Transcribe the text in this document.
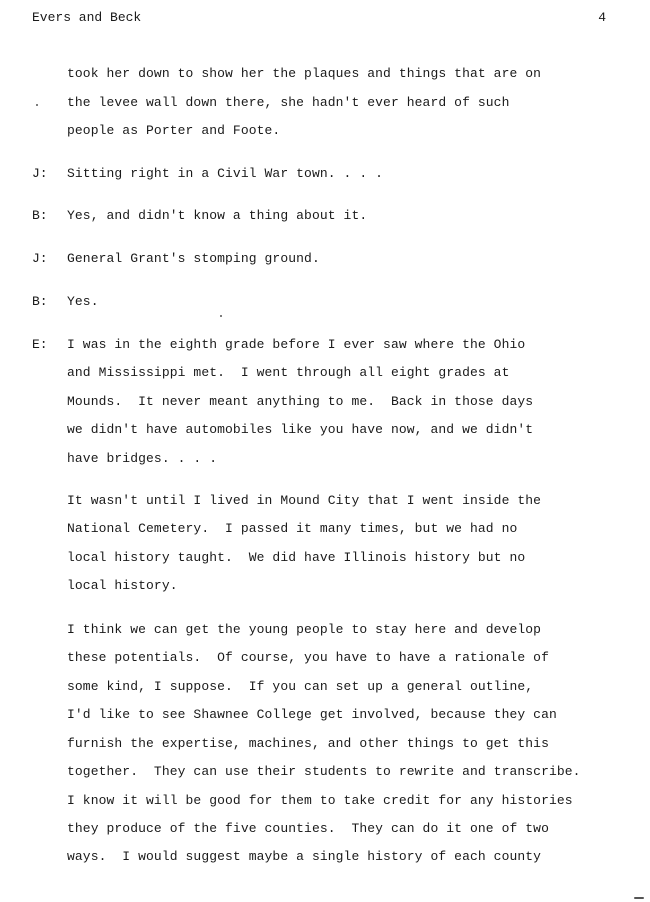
Evers and Beck	4
took her down to show her the plaques and things that are on
the levee wall down there, she hadn't ever heard of such
people as Porter and Foote.
J: Sitting right in a Civil War town. . . .
B: Yes, and didn't know a thing about it.
J: General Grant's stomping ground.
B: Yes.
E: I was in the eighth grade before I ever saw where the Ohio
and Mississippi met.  I went through all eight grades at
Mounds.  It never meant anything to me.  Back in those days
we didn't have automobiles like you have now, and we didn't
have bridges. . . .
It wasn't until I lived in Mound City that I went inside the
National Cemetery.  I passed it many times, but we had no
local history taught.  We did have Illinois history but no
local history.
I think we can get the young people to stay here and develop
these potentials.  Of course, you have to have a rationale of
some kind, I suppose.  If you can set up a general outline,
I'd like to see Shawnee College get involved, because they can
furnish the expertise, machines, and other things to get this
together.  They can use their students to rewrite and transcribe.
I know it will be good for them to take credit for any histories
they produce of the five counties.  They can do it one of two
ways.  I would suggest maybe a single history of each county
